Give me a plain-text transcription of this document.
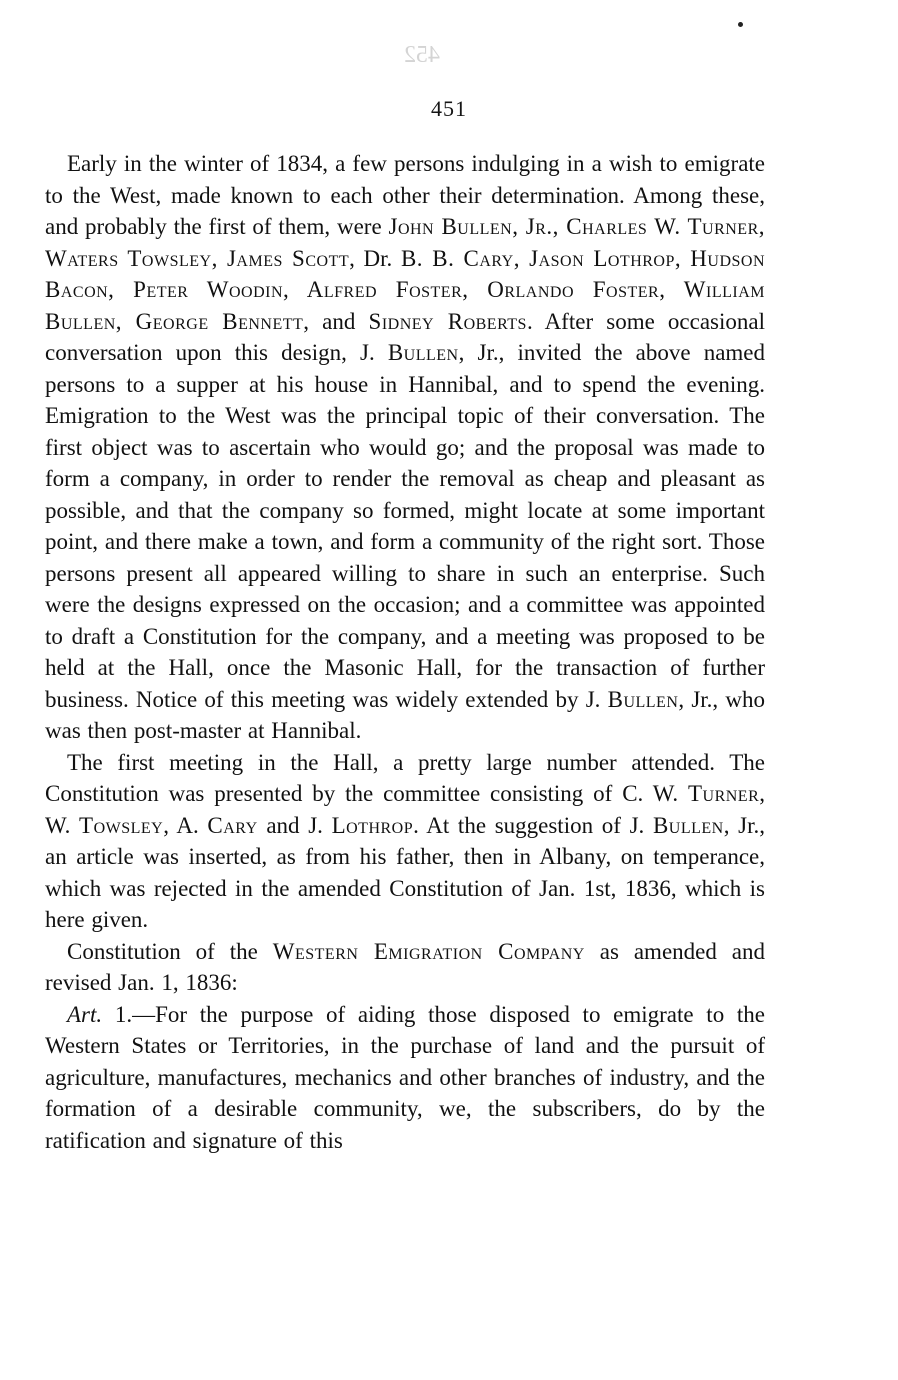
452

451

Early in the winter of 1834, a few persons indulging in a wish to emigrate to the West, made known to each other their determination. Among these, and probably the first of them, were John Bullen, Jr., Charles W. Turner, Waters Towsley, James Scott, Dr. B. B. Cary, Jason Lothrop, Hudson Bacon, Peter Woodin, Alfred Foster, Orlando Foster, William Bullen, George Bennett, and Sidney Roberts. After some occasional conversation upon this design, J. Bullen, Jr., invited the above named persons to a supper at his house in Hannibal, and to spend the evening. Emigration to the West was the principal topic of their conversation. The first object was to ascertain who would go; and the proposal was made to form a company, in order to render the removal as cheap and pleasant as possible, and that the company so formed, might locate at some important point, and there make a town, and form a community of the right sort. Those persons present all appeared willing to share in such an enterprise. Such were the designs expressed on the occasion; and a committee was appointed to draft a Constitution for the company, and a meeting was proposed to be held at the Hall, once the Masonic Hall, for the transaction of further business. Notice of this meeting was widely extended by J. Bullen, Jr., who was then post-master at Hannibal.

The first meeting in the Hall, a pretty large number attended. The Constitution was presented by the committee consisting of C. W. Turner, W. Towsley, A. Cary and J. Lothrop. At the suggestion of J. Bullen, Jr., an article was inserted, as from his father, then in Albany, on temperance, which was rejected in the amended Constitution of Jan. 1st, 1836, which is here given.

Constitution of the Western Emigration Company as amended and revised Jan. 1, 1836:

Art. 1.—For the purpose of aiding those disposed to emigrate to the Western States or Territories, in the purchase of land and the pursuit of agriculture, manufactures, mechanics and other branches of industry, and the formation of a desirable community, we, the subscribers, do by the ratification and signature of this
